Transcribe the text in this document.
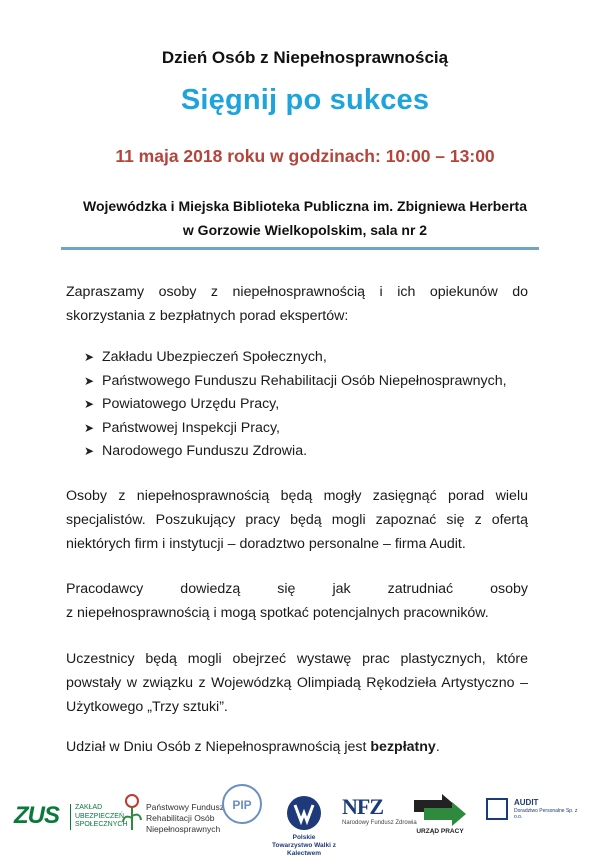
Dzień Osób z Niepełnosprawnością
Sięgnij po sukces
11 maja 2018 roku w godzinach: 10:00 – 13:00
Wojewódzka i Miejska Biblioteka Publiczna im. Zbigniewa Herberta
w Gorzowie Wielkopolskim, sala nr 2

Zapraszamy osoby z niepełnosprawnością i ich opiekunów do skorzystania z bezpłatnych porad ekspertów:

➤ Zakładu Ubezpieczeń Społecznych,
➤ Państwowego Funduszu Rehabilitacji Osób Niepełnosprawnych,
➤ Powiatowego Urzędu Pracy,
➤ Państwowej Inspekcji Pracy,
➤ Narodowego Funduszu Zdrowia.

Osoby z niepełnosprawnością będą mogły zasięgnąć porad wielu specjalistów. Poszukujący pracy będą mogli zapoznać się z ofertą niektórych firm i instytucji – doradztwo personalne – firma Audit.

Pracodawcy dowiedzą się jak zatrudniać osoby
z niepełnosprawnością i mogą spotkać potencjalnych pracowników.

Uczestnicy będą mogli obejrzeć wystawę prac plastycznych, które powstały w związku z Wojewódzką Olimpiadą Rękodzieła Artystyczno – Użytkowego „Trzy sztuki”.

Udział w Dniu Osób z Niepełnosprawnością jest bezpłatny.

ZUS	ZAKŁAD UBEZPIECZEŃ SPOŁECZNYCH
Państwowy Fundusz Rehabilitacji Osób Niepełnosprawnych
PIP
Polskie Towarzystwo Walki z Kalectwem
NFZ
Narodowy Fundusz Zdrowia
URZĄD PRACY
AUDIT
Doradztwo Personalne Sp. z o.o.
